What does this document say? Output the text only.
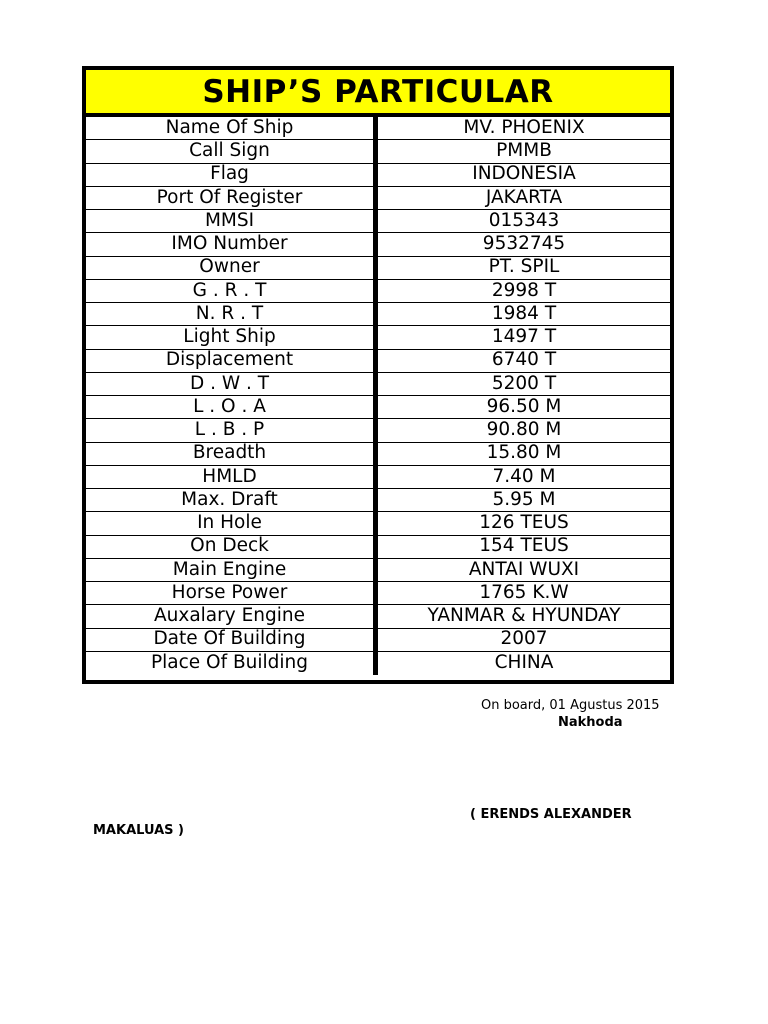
SHIP’S PARTICULAR
Name Of Ship	MV. PHOENIX
Call Sign	PMMB
Flag	INDONESIA
Port Of Register	JAKARTA
MMSI	015343
IMO Number	9532745
Owner	PT. SPIL
G . R . T	2998 T
N. R . T	1984 T
Light Ship	1497 T
Displacement	6740 T
D . W . T	5200 T
L . O . A	96.50 M
L . B . P	90.80 M
Breadth	15.80 M
HMLD	7.40 M
Max. Draft	5.95 M
In Hole	126 TEUS
On Deck	154 TEUS
Main Engine	ANTAI WUXI
Horse Power	1765 K.W
Auxalary Engine	YANMAR & HYUNDAY
Date Of Building	2007
Place Of Building	CHINA
On board, 01 Agustus 2015
Nakhoda
( ERENDS ALEXANDER
MAKALUAS )
